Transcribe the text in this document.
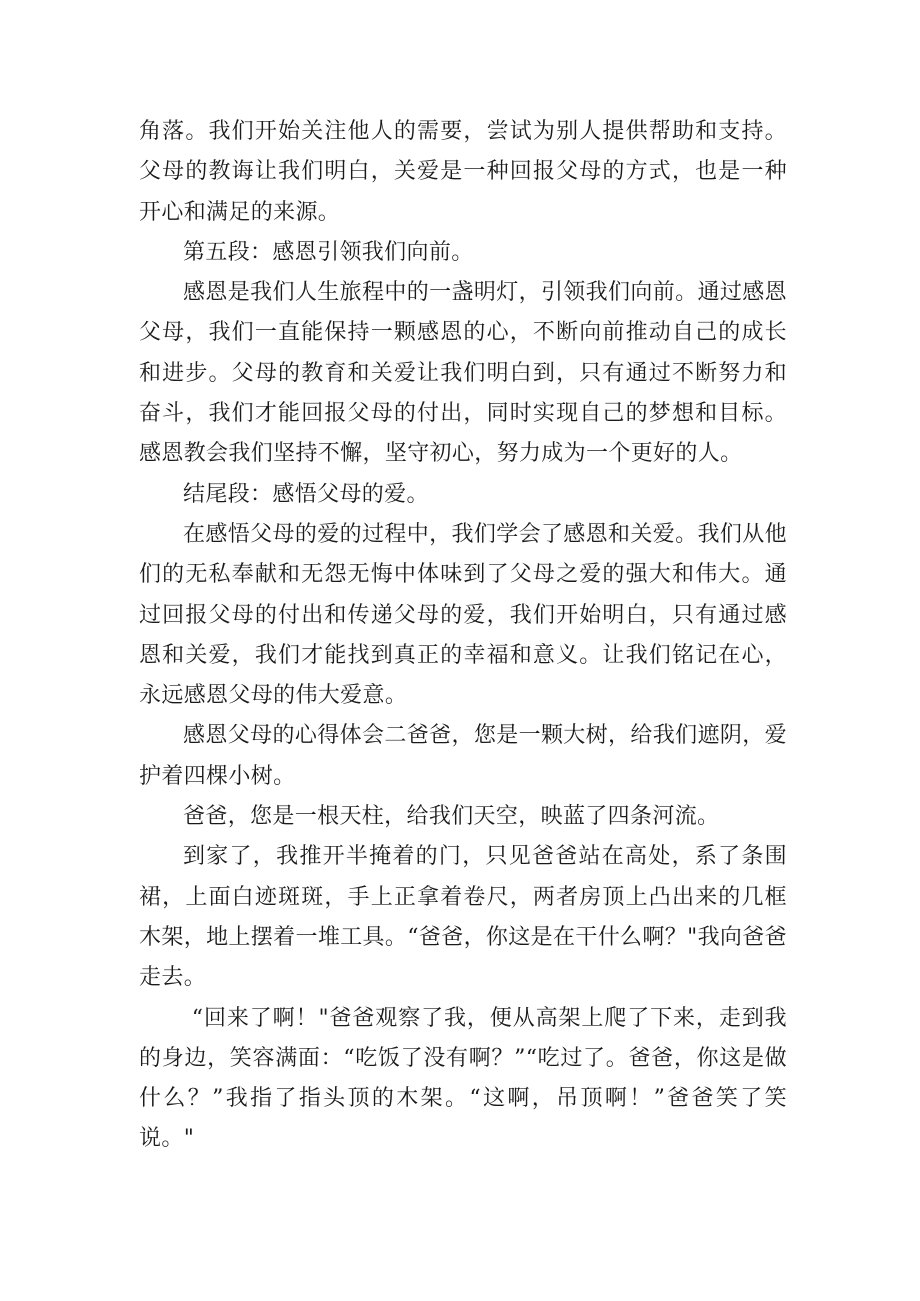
角落。我们开始关注他人的需要，尝试为别人提供帮助和支持。父母的教诲让我们明白，关爱是一种回报父母的方式，也是一种开心和满足的来源。

第五段：感恩引领我们向前。

感恩是我们人生旅程中的一盏明灯，引领我们向前。通过感恩父母，我们一直能保持一颗感恩的心，不断向前推动自己的成长和进步。父母的教育和关爱让我们明白到，只有通过不断努力和奋斗，我们才能回报父母的付出，同时实现自己的梦想和目标。感恩教会我们坚持不懈，坚守初心，努力成为一个更好的人。

结尾段：感悟父母的爱。

在感悟父母的爱的过程中，我们学会了感恩和关爱。我们从他们的无私奉献和无怨无悔中体味到了父母之爱的强大和伟大。通过回报父母的付出和传递父母的爱，我们开始明白，只有通过感恩和关爱，我们才能找到真正的幸福和意义。让我们铭记在心，永远感恩父母的伟大爱意。

感恩父母的心得体会二爸爸，您是一颗大树，给我们遮阴，爱护着四棵小树。

爸爸，您是一根天柱，给我们天空，映蓝了四条河流。

到家了，我推开半掩着的门，只见爸爸站在高处，系了条围裙，上面白迹斑斑，手上正拿着卷尺，两者房顶上凸出来的几框木架，地上摆着一堆工具。“爸爸，你这是在干什么啊？"我向爸爸走去。

“回来了啊！"爸爸观察了我，便从高架上爬了下来，走到我的身边，笑容满面：“吃饭了没有啊？”“吃过了。爸爸，你这是做什么？”我指了指头顶的木架。“这啊，吊顶啊！”爸爸笑了笑说。"
